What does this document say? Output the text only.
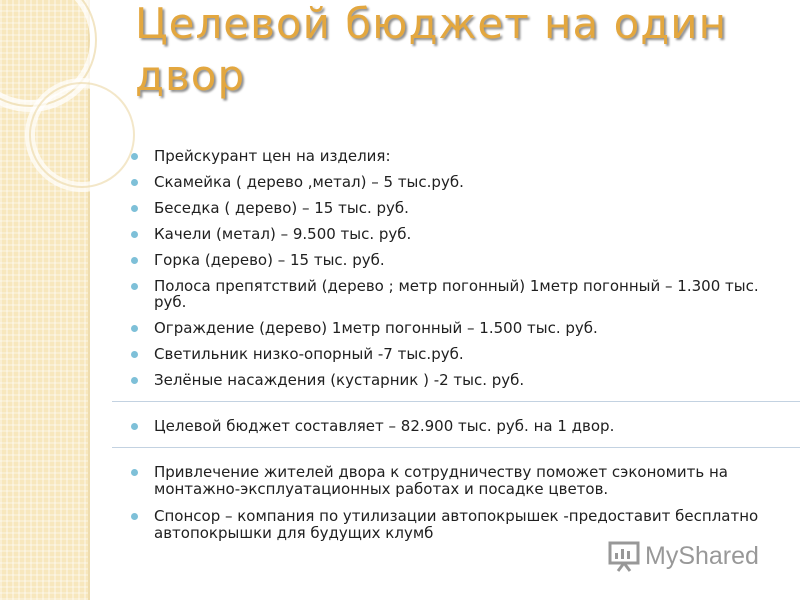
Целевой бюджет на один двор
Прейскурант цен на изделия:
Скамейка ( дерево ,метал) – 5 тыс.руб.
Беседка ( дерево) – 15 тыс. руб.
Качели (метал) – 9.500 тыс. руб.
Горка (дерево) – 15 тыс. руб.
Полоса препятствий (дерево ; метр погонный) 1метр погонный – 1.300 тыс. руб.
Ограждение (дерево) 1метр погонный – 1.500 тыс. руб.
Светильник низко-опорный -7 тыс.руб.
Зелёные насаждения (кустарник ) -2 тыс. руб.
Целевой бюджет составляет – 82.900 тыс. руб. на 1 двор.
Привлечение жителей двора к сотрудничеству поможет сэкономить на монтажно-эксплуатационных работах и посадке цветов.
Спонсор – компания по утилизации автопокрышек -предоставит бесплатно автопокрышки для будущих клумб
MyShared
